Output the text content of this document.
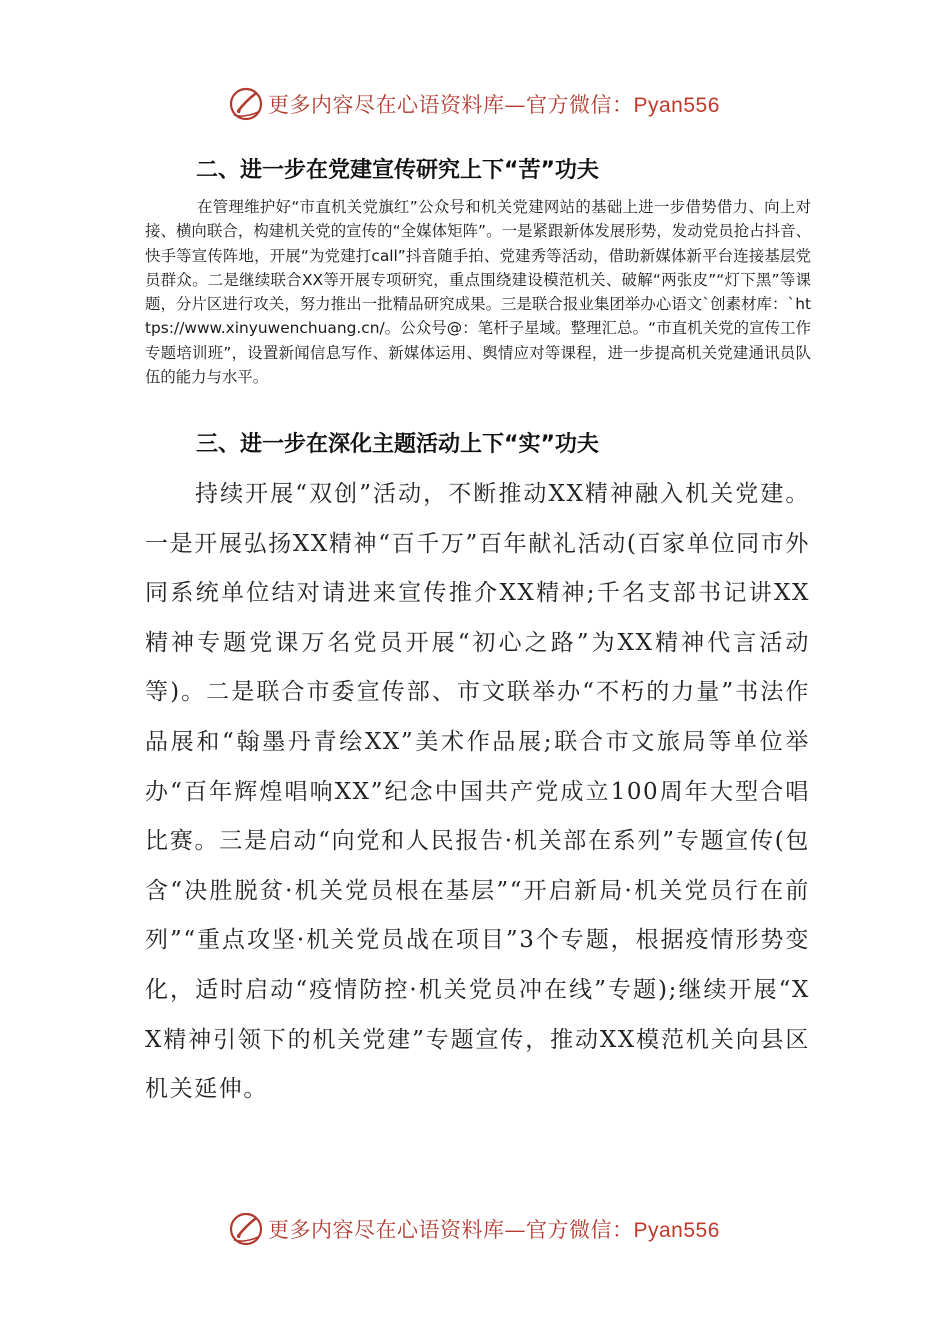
更多内容尽在心语资料库—官方微信：Pyan556
二、进一步在党建宣传研究上下“苦”功夫

在管理维护好“市直机关党旗红”公众号和机关党建网站的基础上进一步借势借力、向上对接、横向联合，构建机关党的宣传的“全媒体矩阵”。一是紧跟新体发展形势，发动党员抢占抖音、快手等宣传阵地，开展“为党建打call”抖音随手拍、党建秀等活动，借助新媒体新平台连接基层党员群众。二是继续联合XX等开展专项研究，重点围绕建设模范机关、破解“两张皮”“灯下黑”等课题，分片区进行攻关，努力推出一批精品研究成果。三是联合报业集团举办心语文`创素材库：`https://www.xinyuwenchuang.cn/。公众号@：笔杆子星域。整理汇总。“市直机关党的宣传工作专题培训班”，设置新闻信息写作、新媒体运用、舆情应对等课程，进一步提高机关党建通讯员队伍的能力与水平。

三、进一步在深化主题活动上下“实”功夫

持续开展“双创”活动，不断推动XX精神融入机关党建。一是开展弘扬XX精神“百千万”百年献礼活动(百家单位同市外同系统单位结对请进来宣传推介XX精神;千名支部书记讲XX精神专题党课万名党员开展“初心之路”为XX精神代言活动等)。二是联合市委宣传部、市文联举办“不朽的力量”书法作品展和“翰墨丹青绘XX”美术作品展;联合市文旅局等单位举办“百年辉煌唱响XX”纪念中国共产党成立100周年大型合唱比赛。三是启动“向党和人民报告·机关部在系列”专题宣传(包含“决胜脱贫·机关党员根在基层”“开启新局·机关党员行在前列”“重点攻坚·机关党员战在项目”3个专题，根据疫情形势变化，适时启动“疫情防控·机关党员冲在线”专题);继续开展“XX精神引领下的机关党建”专题宣传，推动XX模范机关向县区机关延伸。

更多内容尽在心语资料库—官方微信：Pyan556
